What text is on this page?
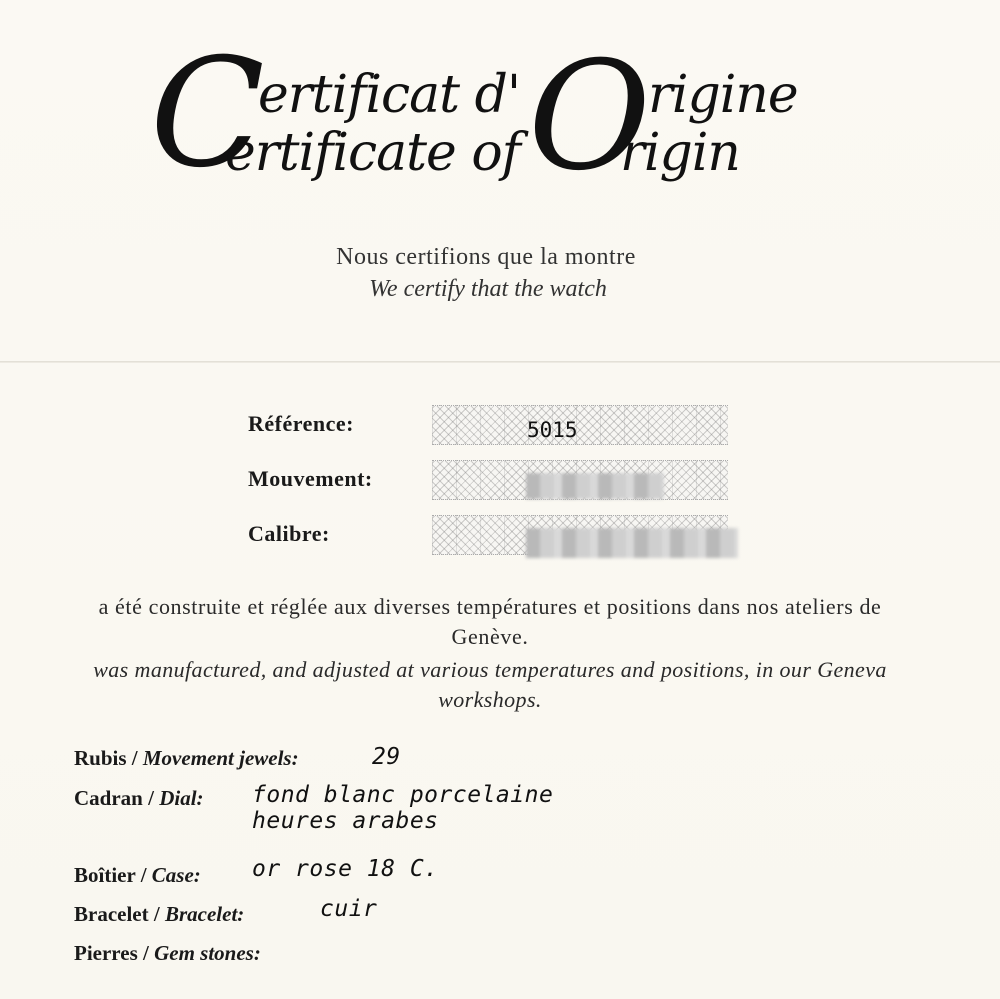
C O
ertificat d' rigine
ertificate of rigin
Nous certifions que la montre
We certify that the watch
Référence:	5015
Mouvement:
Calibre:
a été construite et réglée aux diverses températures et positions dans nos ateliers de Genève.
was manufactured, and adjusted at various temperatures and positions, in our Geneva workshops.
Rubis / Movement jewels:	29
Cadran / Dial: fond blanc porcelaine
heures arabes
Boîtier / Case: or rose 18 C.
Bracelet / Bracelet:	cuir
Pierres / Gem stones:
